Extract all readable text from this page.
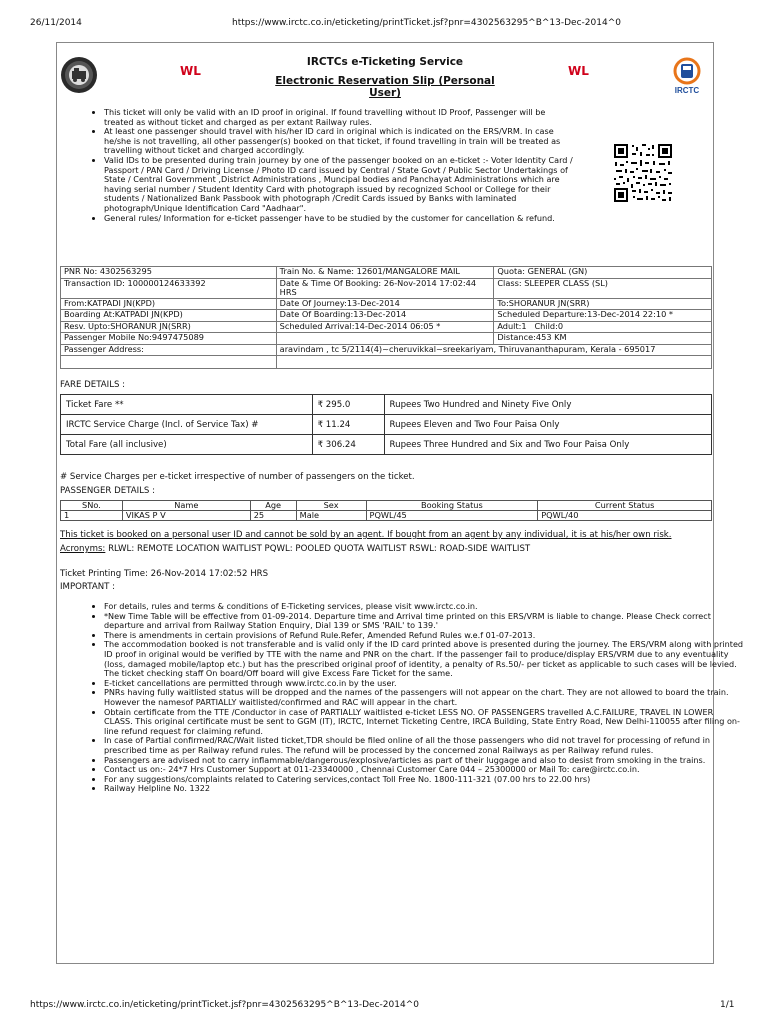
26/11/2014	https://www.irctc.co.in/eticketing/printTicket.jsf?pnr=4302563295^B^13-Dec-2014^0
https://www.irctc.co.in/eticketing/printTicket.jsf?pnr=4302563295^B^13-Dec-2014^0	1/1
WL	WL
IRCTCs e-Ticketing Service
Electronic Reservation Slip (Personal User)	IRCTC
• This ticket will only be valid with an ID proof in original. If found travelling without ID Proof, Passenger will be treated as without ticket and charged as per extant Railway rules.
• At least one passenger should travel with his/her ID card in original which is indicated on the ERS/VRM. In case he/she is not travelling, all other passenger(s) booked on that ticket, if found travelling in train will be treated as travelling without ticket and charged accordingly.
• Valid IDs to be presented during train journey by one of the passenger booked on an e-ticket :- Voter Identity Card / Passport / PAN Card / Driving License / Photo ID card issued by Central / State Govt / Public Sector Undertakings of State / Central Government ,District Administrations , Muncipal bodies and Panchayat Administrations which are having serial number / Student Identity Card with photograph issued by recognized School or College for their students / Nationalized Bank Passbook with photograph /Credit Cards issued by Banks with laminated photograph/Unique Identification Card "Aadhaar".
• General rules/ Information for e-ticket passenger have to be studied by the customer for cancellation & refund.
PNR No: 4302563295	Train No. & Name: 12601/MANGALORE MAIL	Quota: GENERAL (GN)
Transaction ID: 100000124633392	Date & Time Of Booking: 26-Nov-2014 17:02:44 HRS	Class: SLEEPER CLASS (SL)
From:KATPADI JN(KPD)	Date Of Journey:13-Dec-2014	To:SHORANUR JN(SRR)
Boarding At:KATPADI JN(KPD)	Date Of Boarding:13-Dec-2014	Scheduled Departure:13-Dec-2014 22:10 *
Resv. Upto:SHORANUR JN(SRR)	Scheduled Arrival:14-Dec-2014 06:05 *	Adult:1 Child:0
Passenger Mobile No:9497475089		Distance:453 KM
Passenger Address:	aravindam , tc 5/2114(4)~cheruvikkal~sreekariyam, Thiruvananthapuram, Kerala - 695017	

FARE DETAILS :
Ticket Fare **	₹ 295.0	Rupees Two Hundred and Ninety Five Only
IRCTC Service Charge (Incl. of Service Tax) #	₹ 11.24	Rupees Eleven and Two Four Paisa Only
Total Fare (all inclusive)	₹ 306.24	Rupees Three Hundred and Six and Two Four Paisa Only
# Service Charges per e-ticket irrespective of number of passengers on the ticket.
PASSENGER DETAILS :
SNo.	Name	Age	Sex	Booking Status	Current Status
1	VIKAS P V	25	Male	PQWL/45	PQWL/40
This ticket is booked on a personal user ID and cannot be sold by an agent. If bought from an agent by any individual, it is at his/her own risk.
Acronyms: RLWL: REMOTE LOCATION WAITLIST PQWL: POOLED QUOTA WAITLIST RSWL: ROAD-SIDE WAITLIST
Ticket Printing Time: 26-Nov-2014 17:02:52 HRS
IMPORTANT :
• For details, rules and terms & conditions of E-Ticketing services, please visit www.irctc.co.in.
• *New Time Table will be effective from 01-09-2014. Departure time and Arrival time printed on this ERS/VRM is liable to change. Please Check correct departure and arrival from Railway Station Enquiry, Dial 139 or SMS 'RAIL' to 139.'
• There is amendments in certain provisions of Refund Rule.Refer, Amended Refund Rules w.e.f 01-07-2013.
• The accommodation booked is not transferable and is valid only if the ID card printed above is presented during the journey. The ERS/VRM along with printed ID proof in original would be verified by TTE with the name and PNR on the chart. If the passenger fail to produce/display ERS/VRM due to any eventuality (loss, damaged mobile/laptop etc.) but has the prescribed original proof of identity, a penalty of Rs.50/- per ticket as applicable to such cases will be levied. The ticket checking staff On board/Off board will give Excess Fare Ticket for the same.
• E-ticket cancellations are permitted through www.irctc.co.in by the user.
• PNRs having fully waitlisted status will be dropped and the names of the passengers will not appear on the chart. They are not allowed to board the train. However the namesof PARTIALLY waitlisted/confirmed and RAC will appear in the chart.
• Obtain certificate from the TTE /Conductor in case of PARTIALLY waitlisted e-ticket LESS NO. OF PASSENGERS travelled A.C.FAILURE, TRAVEL IN LOWER CLASS. This original certificate must be sent to GGM (IT), IRCTC, Internet Ticketing Centre, IRCA Building, State Entry Road, New Delhi-110055 after filing on-line refund request for claiming refund.
• In case of Partial confirmed/RAC/Wait listed ticket,TDR should be filed online of all the those passengers who did not travel for processing of refund in prescribed time as per Railway refund rules. The refund will be processed by the concerned zonal Railways as per Railway refund rules.
• Passengers are advised not to carry inflammable/dangerous/explosive/articles as part of their luggage and also to desist from smoking in the trains.
• Contact us on:- 24*7 Hrs Customer Support at 011-23340000 , Chennai Customer Care 044 – 25300000 or Mail To: care@irctc.co.in.
• For any suggestions/complaints related to Catering services,contact Toll Free No. 1800-111-321 (07.00 hrs to 22.00 hrs)
• Railway Helpline No. 1322
